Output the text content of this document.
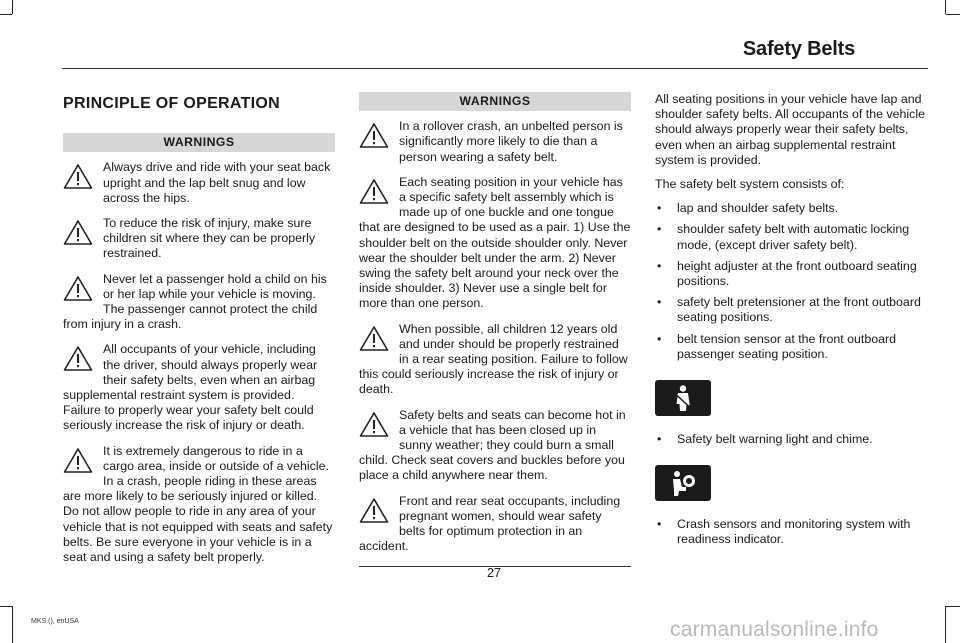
Safety Belts
PRINCIPLE OF OPERATION
WARNINGS
Always drive and ride with your seat back upright and the lap belt snug and low across the hips.
To reduce the risk of injury, make sure children sit where they can be properly restrained.
Never let a passenger hold a child on his or her lap while your vehicle is moving. The passenger cannot protect the child from injury in a crash.
All occupants of your vehicle, including the driver, should always properly wear their safety belts, even when an airbag supplemental restraint system is provided. Failure to properly wear your safety belt could seriously increase the risk of injury or death.
It is extremely dangerous to ride in a cargo area, inside or outside of a vehicle. In a crash, people riding in these areas are more likely to be seriously injured or killed. Do not allow people to ride in any area of your vehicle that is not equipped with seats and safety belts. Be sure everyone in your vehicle is in a seat and using a safety belt properly.
WARNINGS
In a rollover crash, an unbelted person is significantly more likely to die than a person wearing a safety belt.
Each seating position in your vehicle has a specific safety belt assembly which is made up of one buckle and one tongue that are designed to be used as a pair. 1) Use the shoulder belt on the outside shoulder only. Never wear the shoulder belt under the arm. 2) Never swing the safety belt around your neck over the inside shoulder. 3) Never use a single belt for more than one person.
When possible, all children 12 years old and under should be properly restrained in a rear seating position. Failure to follow this could seriously increase the risk of injury or death.
Safety belts and seats can become hot in a vehicle that has been closed up in sunny weather; they could burn a small child. Check seat covers and buckles before you place a child anywhere near them.
Front and rear seat occupants, including pregnant women, should wear safety belts for optimum protection in an accident.

All seating positions in your vehicle have lap and shoulder safety belts. All occupants of the vehicle should always properly wear their safety belts, even when an airbag supplemental restraint system is provided.

The safety belt system consists of:

• lap and shoulder safety belts.
• shoulder safety belt with automatic locking mode, (except driver safety belt).
• height adjuster at the front outboard seating positions.
• safety belt pretensioner at the front outboard seating positions.
• belt tension sensor at the front outboard passenger seating position.
• Safety belt warning light and chime.
• Crash sensors and monitoring system with readiness indicator.
27
MKS (), enUSA	carmanualsonline.info
